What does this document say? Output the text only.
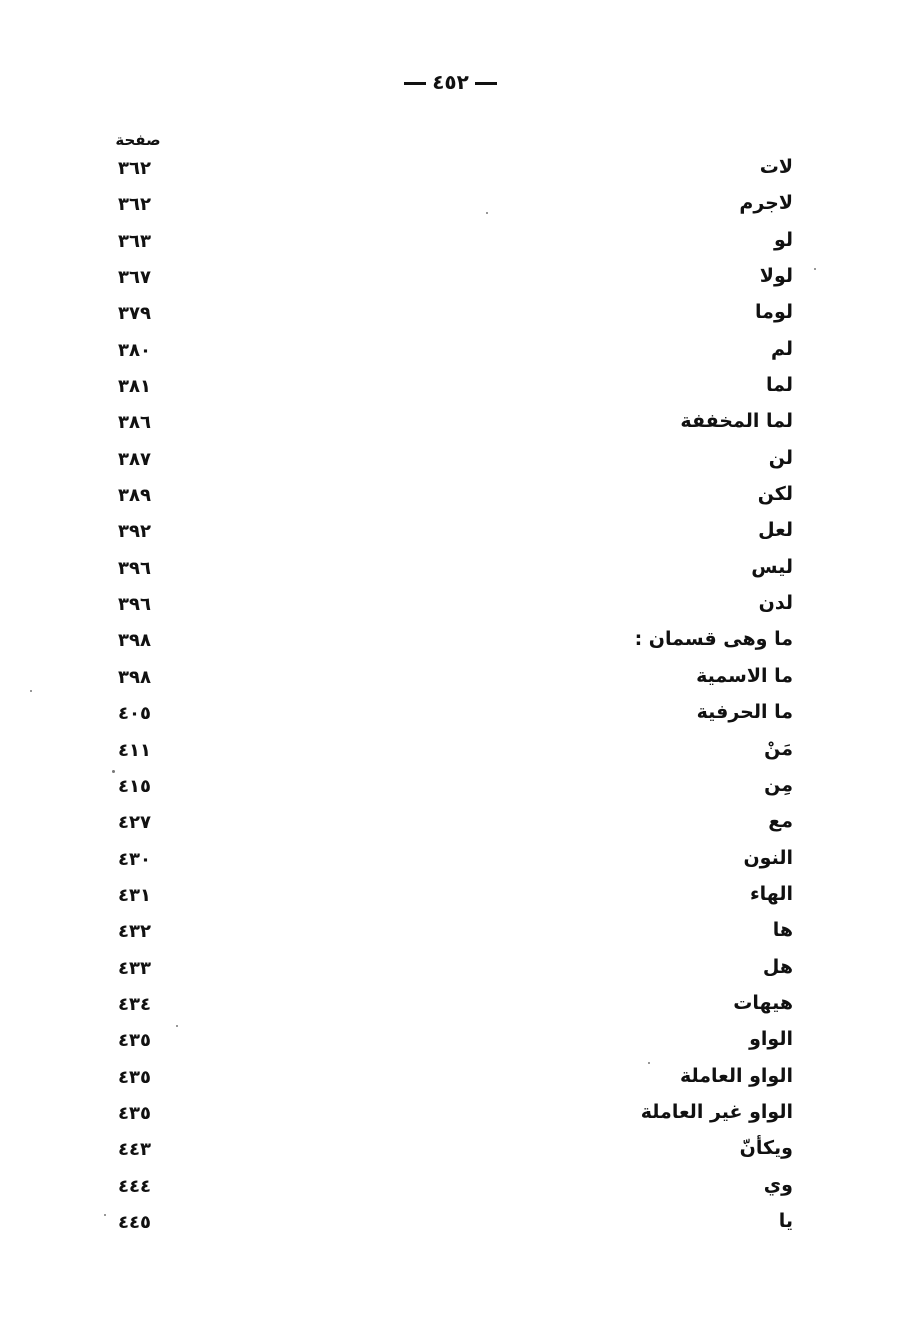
٤٥٢
صفحة
لات
٣٦٢
لاجرم
٣٦٢
لو
٣٦٣
لولا
٣٦٧
لوما
٣٧٩
لم
٣٨٠
لما
٣٨١
لما المخففة
٣٨٦
لن
٣٨٧
لكن
٣٨٩
لعل
٣٩٢
ليس
٣٩٦
لدن
٣٩٦
ما وهى قسمان :
٣٩٨
ما الاسمية
٣٩٨
ما الحرفية
٤٠٥
مَنْ
٤١١
مِن
٤١٥
مع
٤٢٧
النون
٤٣٠
الهاء
٤٣١
ها
٤٣٢
هل
٤٣٣
هيهات
٤٣٤
الواو
٤٣٥
الواو العاملة
٤٣٥
الواو غير العاملة
٤٣٥
ويكأنّ
٤٤٣
وي
٤٤٤
يا
٤٤٥
